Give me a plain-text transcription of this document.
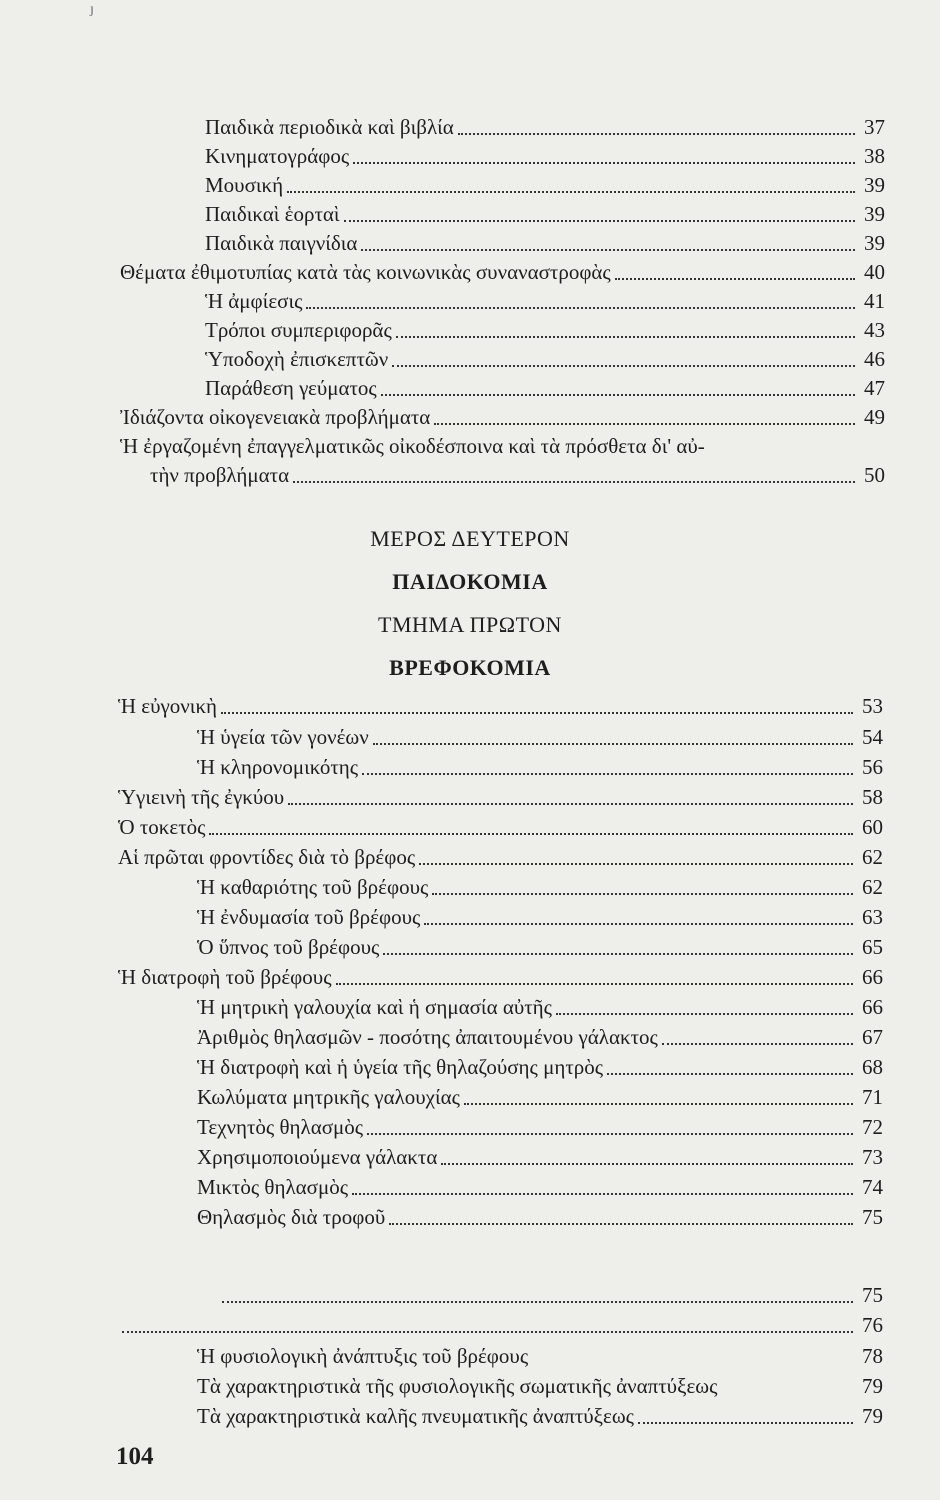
ȷ
Παιδικὰ περιοδικὰ καὶ βιβλία	37
Κινηματογράφος	38
Μουσική	39
Παιδικαὶ ἑορταὶ	39
Παιδικὰ παιγνίδια	39
Θέματα ἐθιμοτυπίας κατὰ τὰς κοινωνικὰς συναναστροφὰς	40
Ἡ ἀμφίεσις	41
Τρόποι συμπεριφορᾶς	43
Ὑποδοχὴ ἐπισκεπτῶν	46
Παράθεση γεύματος	47
Ἰδιάζοντα οἰκογενειακὰ προβλήματα	49
Ἡ ἐργαζομένη ἐπαγγελματικῶς οἰκοδέσποινα καὶ τὰ πρόσθετα δι' αὐ-
τὴν προβλήματα	50
ΜΕΡΟΣ ΔΕΥΤΕΡΟΝ
ΠΑΙΔΟΚΟΜΙΑ
ΤΜΗΜΑ ΠΡΩΤΟΝ
ΒΡΕΦΟΚΟΜΙΑ
Ἡ εὐγονικὴ	53
Ἡ ὑγεία τῶν γονέων	54
Ἡ κληρονομικότης	56
Ὑγιεινὴ τῆς ἐγκύου	58
Ὁ τοκετὸς	60
Αἱ πρῶται φροντίδες διὰ τὸ βρέφος	62
Ἡ καθαριότης τοῦ βρέφους	62
Ἡ ἐνδυμασία τοῦ βρέφους	63
Ὁ ὕπνος τοῦ βρέφους	65
Ἡ διατροφὴ τοῦ βρέφους	66
Ἡ μητρικὴ γαλουχία καὶ ἡ σημασία αὐτῆς	66
Ἀριθμὸς θηλασμῶν - ποσότης ἀπαιτουμένου γάλακτος	67
Ἡ διατροφὴ καὶ ἡ ὑγεία τῆς θηλαζούσης μητρὸς	68
Κωλύματα μητρικῆς γαλουχίας	71
Τεχνητὸς θηλασμὸς	72
Χρησιμοποιούμενα γάλακτα	73
Μικτὸς θηλασμὸς	74
Θηλασμὸς διὰ τροφοῦ	75
75
76
Ἡ φυσιολογικὴ ἀνάπτυξις τοῦ βρέφους	78
Τὰ χαρακτηριστικὰ τῆς φυσιολογικῆς σωματικῆς ἀναπτύξεως	79
Τὰ χαρακτηριστικὰ καλῆς πνευματικῆς ἀναπτύξεως	79
104
